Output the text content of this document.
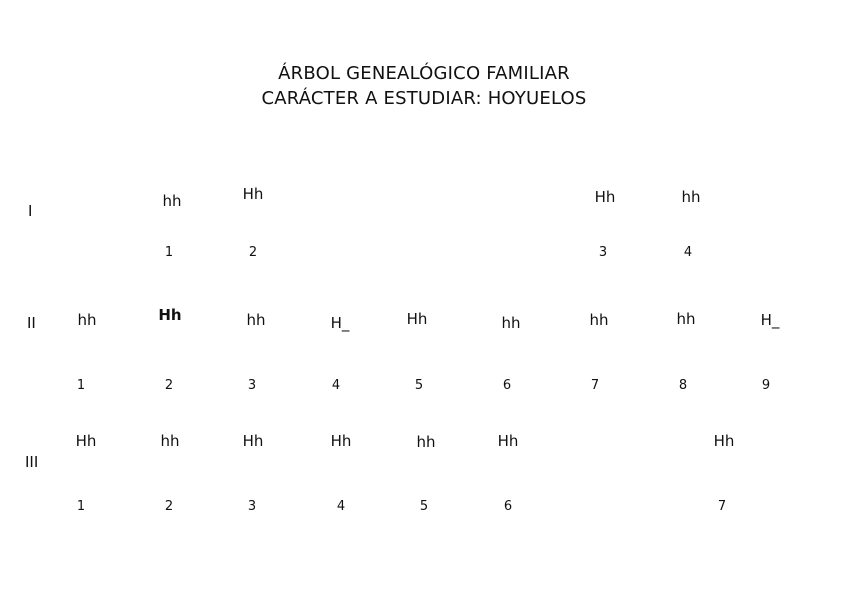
ÁRBOL GENEALÓGICO FAMILIAR
CARÁCTER A ESTUDIAR: HOYUELOS
I
hh
1
Hh
2
Hh
3
hh
4
II	hh
1
Hh
2
hh
3
H_
4
Hh
5
hh
6
hh
7
hh
8
H_
9
III
Hh
1
hh
2
Hh
3
Hh
4
hh
5
Hh
6
Hh
7
